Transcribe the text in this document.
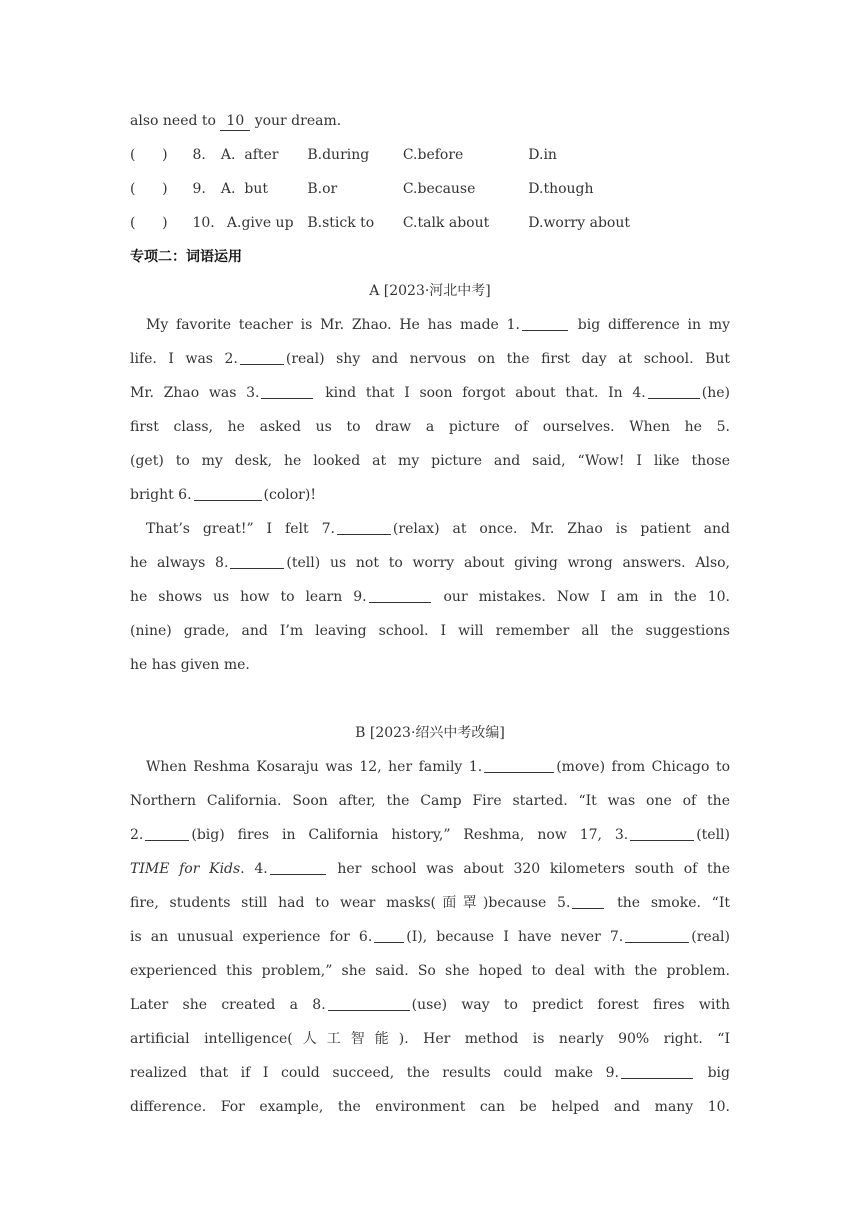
also need to 10 your dream.
(      ) 8. A.  after B.during C.before	D.in
(      ) 9. A.  but	B.or	C.because	D.though
(      ) 10. A.give up B.stick to C.talk about	D.worry about
专项二：词语运用
A [2023·河北中考]
My favorite teacher is Mr. Zhao. He has made 1.	big difference in my
life. I was 2.	(real) shy and nervous on the first day at school. But
Mr. Zhao was 3.	kind that I soon forgot about that. In 4.	(he)
first class, he asked us to draw a picture of ourselves. When he 5.
(get) to my desk, he looked at my picture and said, “Wow! I like those
bright 6.	(color)!
That’s great!” I felt 7.	(relax) at once. Mr. Zhao is patient and
he always 8.	(tell) us not to worry about giving wrong answers. Also,
he shows us how to learn 9.	our mistakes. Now I am in the 10.
(nine) grade, and I’m leaving school. I will remember all the suggestions
he has given me.
B [2023·绍兴中考改编]
When Reshma Kosaraju was 12, her family 1.	(move) from Chicago to
Northern California. Soon after, the Camp Fire started. “It was one of the
2.	(big) fires in California history,” Reshma, now 17, 3.	(tell)
TIME for Kids. 4.	her school was about 320 kilometers south of the
fire, students still had to wear masks(面罩)because 5.	the smoke. “It
is an unusual experience for 6. (I), because I have never 7.	(real)
experienced this problem,” she said. So she hoped to deal with the problem.
Later she created a 8.	(use) way to predict forest fires with
artificial intelligence(人工智能). Her method is nearly 90% right. “I
realized that if I could succeed, the results could make 9.	big
difference. For example, the environment can be helped and many 10.
